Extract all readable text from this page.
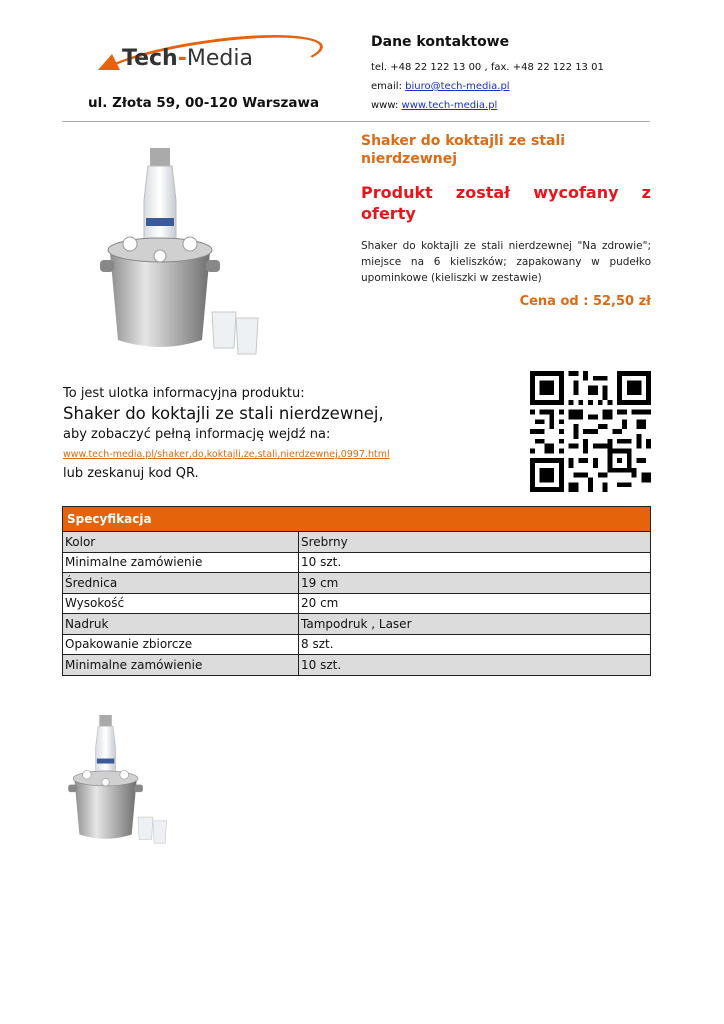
Tech-Media
ul. Złota 59, 00-120 Warszawa
Dane kontaktowe
tel. +48 22 122 13 00 , fax. +48 22 122 13 01
email: biuro@tech-media.pl
www: www.tech-media.pl
Shaker do koktajli ze stali nierdzewnej
Produkt został wycofany z oferty
Shaker do koktajli ze stali nierdzewnej "Na zdrowie"; miejsce na 6 kieliszków; zapakowany w pudełko upominkowe (kieliszki w zestawie)
Cena od : 52,50 zł
To jest ulotka informacyjna produktu:
Shaker do koktajli ze stali nierdzewnej,
aby zobaczyć pełną informację wejdź na:
www.tech-media.pl/shaker,do,koktajli,ze,stali,nierdzewnej,0997.html
lub zeskanuj kod QR.
Specyfikacja	
Kolor	Srebrny
Minimalne zamówienie	10 szt.
Średnica	19 cm
Wysokość	20 cm
Nadruk	Tampodruk , Laser
Opakowanie zbiorcze	8 szt.
Minimalne zamówienie	10 szt.
